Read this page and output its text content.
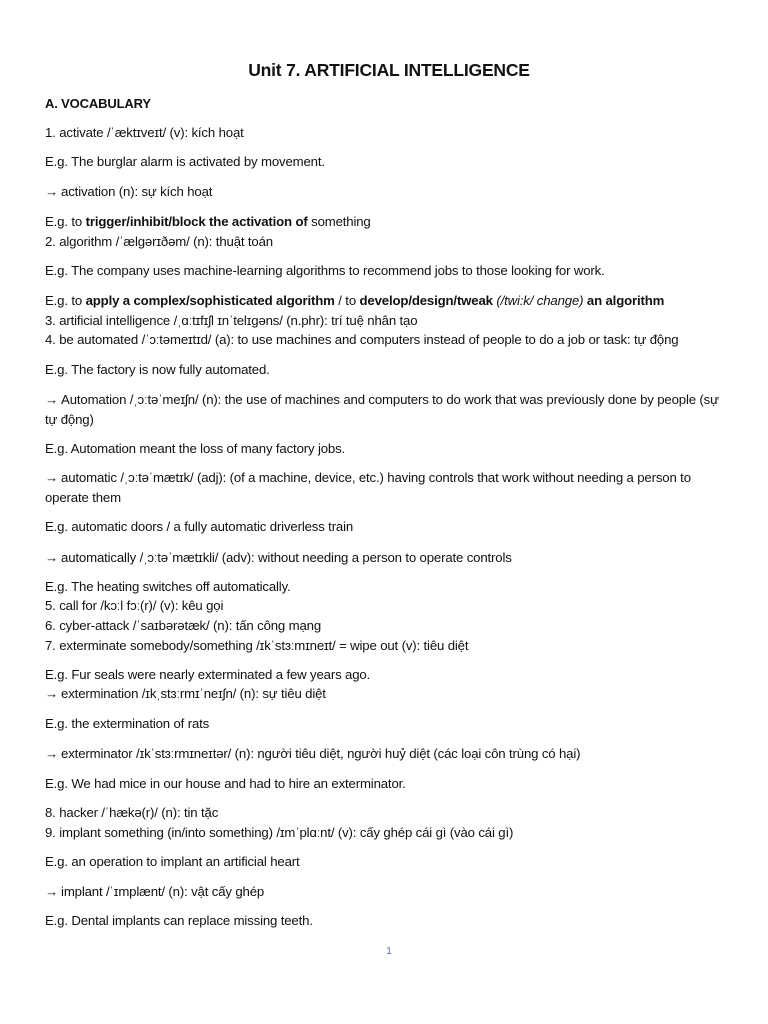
Unit 7. ARTIFICIAL INTELLIGENCE
A. VOCABULARY
1. activate /ˈæktɪveɪt/ (v): kích hoạt
E.g. The burglar alarm is activated by movement.
→ activation (n): sự kích hoạt
E.g. to trigger/inhibit/block the activation of something
2. algorithm /ˈælgərɪðəm/ (n): thuật toán
E.g. The company uses machine-learning algorithms to recommend jobs to those looking for work.
E.g. to apply a complex/sophisticated algorithm / to develop/design/tweak (/twi:k/ change) an algorithm
3. artificial intelligence /ˌɑːtɪfɪʃl ɪnˈtelɪgəns/ (n.phr): trí tuệ nhân tạo
4. be automated /ˈɔːtəmeɪtɪd/ (a): to use machines and computers instead of people to do a job or task: tự động
E.g. The factory is now fully automated.
→ Automation /ˌɔːtəˈmeɪʃn/ (n): the use of machines and computers to do work that was previously done by people (sự tự động)
E.g. Automation meant the loss of many factory jobs.
→ automatic /ˌɔːtəˈmætɪk/ (adj): (of a machine, device, etc.) having controls that work without needing a person to operate them
E.g. automatic doors / a fully automatic driverless train
→ automatically /ˌɔːtəˈmætɪkli/ (adv): without needing a person to operate controls
E.g. The heating switches off automatically.
5. call for /kɔːl fɔː(r)/ (v): kêu gọi
6. cyber-attack /ˈsaɪbərətæk/ (n): tấn công mạng
7. exterminate somebody/something /ɪkˈstɜːmɪneɪt/ = wipe out (v): tiêu diệt
E.g. Fur seals were nearly exterminated a few years ago.
→ extermination /ɪkˌstɜːrmɪˈneɪʃn/ (n): sự tiêu diệt
E.g. the extermination of rats
→ exterminator /ɪkˈstɜːrmɪneɪtər/ (n): người tiêu diệt, người huỷ diệt (các loại côn trùng có hại)
E.g. We had mice in our house and had to hire an exterminator.
8. hacker /ˈhækə(r)/ (n): tin tặc
9. implant something (in/into something) /ɪmˈplɑːnt/ (v): cấy ghép cái gì (vào cái gì)
E.g. an operation to implant an artificial heart
→ implant /ˈɪmplænt/ (n): vật cấy ghép
E.g. Dental implants can replace missing teeth.
1
